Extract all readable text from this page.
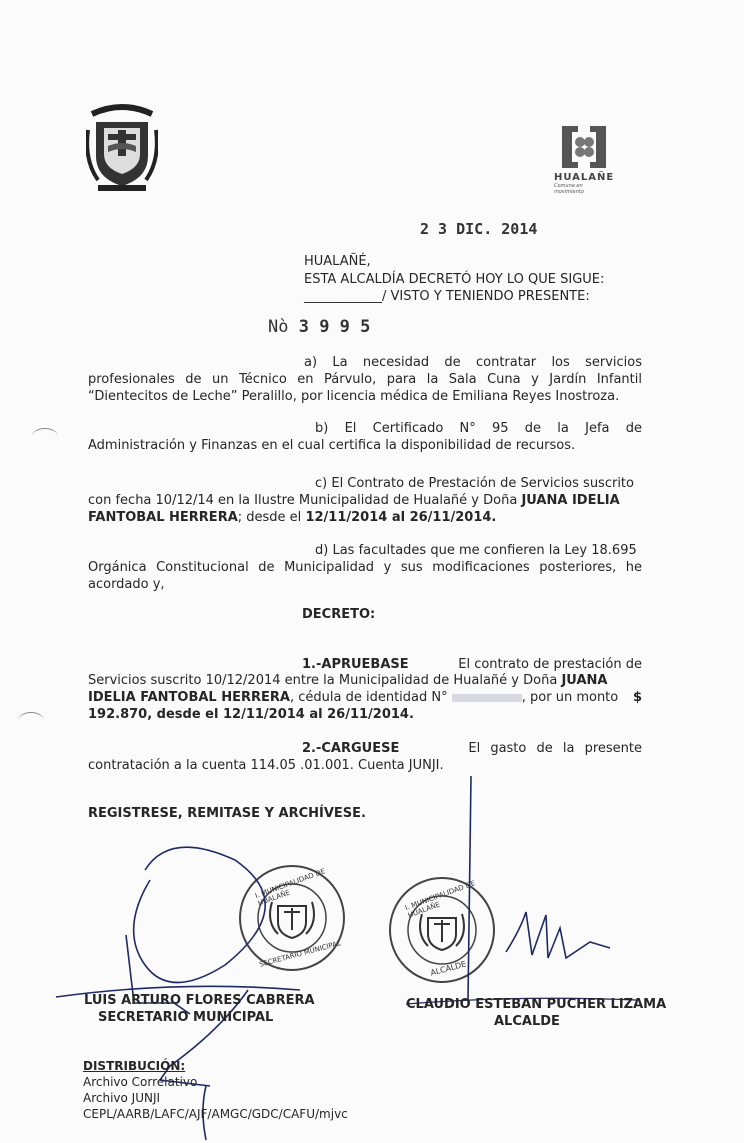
HUALAÑE
Comuna en movimiento
2 3 DIC. 2014
HUALAÑÉ,
ESTA ALCALDÍA DECRETÓ HOY LO QUE SIGUE:
____________/ VISTO Y TENIENDO PRESENTE:
Nò 3 9 9 5
a) La necesidad de contratar los servicios
profesionales de un Técnico en Párvulo, para la Sala Cuna y Jardín Infantil
“Dientecitos de Leche” Peralillo, por licencia médica de Emiliana Reyes Inostroza.
b) El Certificado N° 95 de la Jefa de
Administración y Finanzas en el cual certifica la disponibilidad de recursos.
c) El Contrato de Prestación de Servicios suscrito
con fecha 10/12/14 en la Ilustre Municipalidad de Hualañé y Doña JUANA IDELIA
FANTOBAL HERRERA; desde el 12/11/2014 al 26/11/2014.
d) Las facultades que me confieren la Ley 18.695
Orgánica Constitucional de Municipalidad y sus modificaciones posteriores, he
acordado y,
DECRETO:
1.-APRUEBASE	El contrato de prestación de
Servicios suscrito 10/12/2014 entre la Municipalidad de Hualañé y Doña JUANA
IDELIA FANTOBAL HERRERA, cédula de identidad N°	, por un monto $
192.870, desde el 12/11/2014 al 26/11/2014.
2.-CARGUESE	El gasto de la presente
contratación a la cuenta 114.05 .01.001. Cuenta JUNJI.
REGISTRESE, REMITASE Y ARCHÍVESE.
I. MUNICIPALIDAD DE HUALAÑE
SECRETARIO MUNICIPAL
I. MUNICIPALIDAD DE HUALAÑE
ALCALDE
LUIS ARTURO FLORES CABRERA
SECRETARIO MUNICIPAL
CLAUDIO ESTEBAN PUCHER LIZAMA
ALCALDE
DISTRIBUCIÓN:
Archivo Correlativo
Archivo JUNJI
CEPL/AARB/LAFC/AJF/AMGC/GDC/CAFU/mjvc
